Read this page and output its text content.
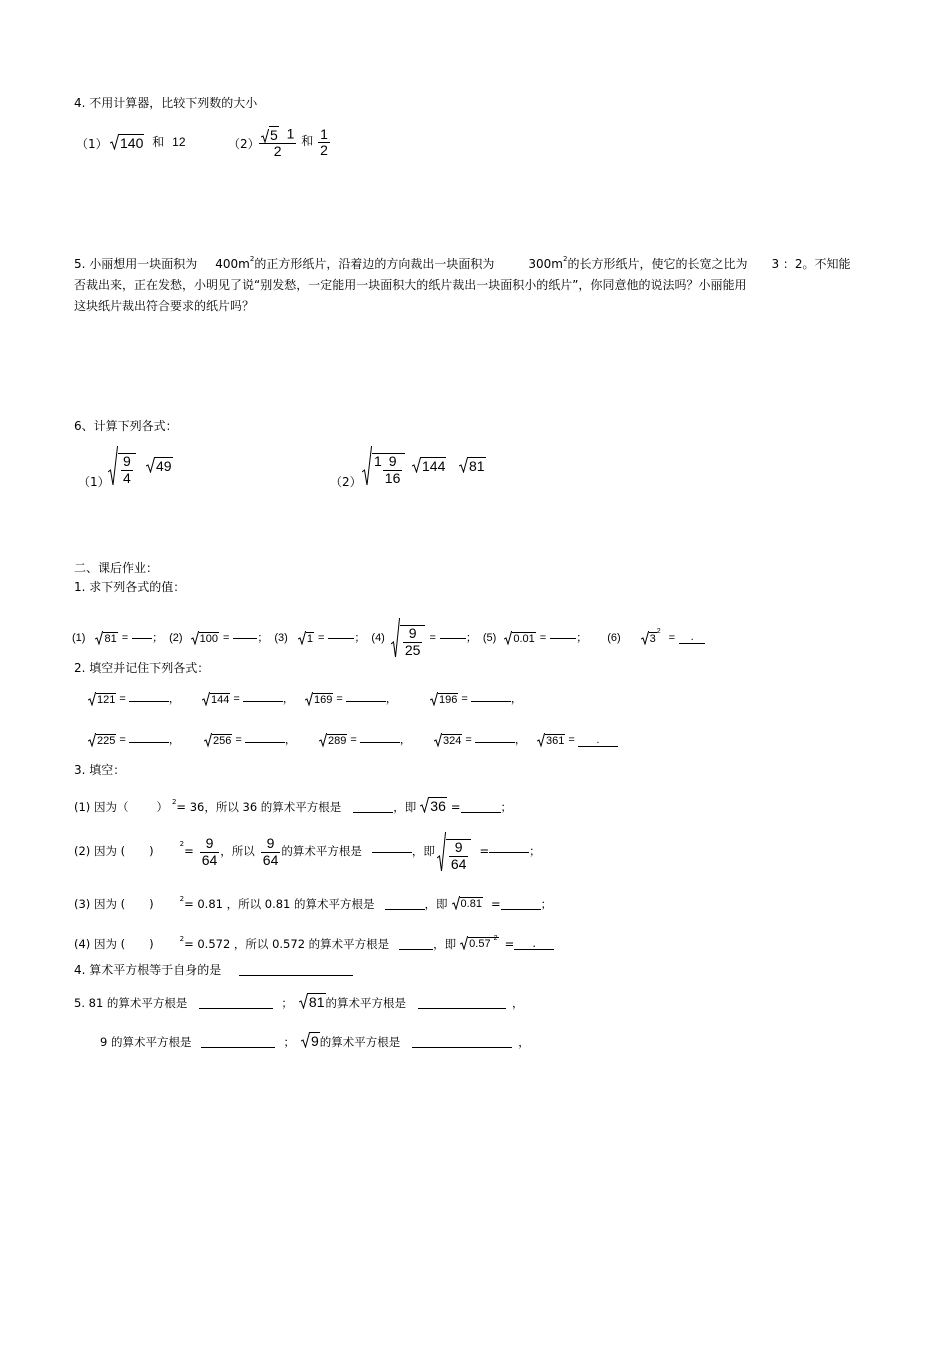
4. 不用计算器，比较下列数的大小
（1） 140 和 12	$(2) \frac{5 1}{2}$ 和 $\frac{1}{2}$
5. 小丽想用一块面积为 $400m^2$的正方形纸片，沿着边的方向裁出一块面积为	$300m^2$的长方形纸片，使它的长宽之比为 3 ：2。不知能
否裁出来，正在发愁，小明见了说“别发愁，一定能用一块面积大的纸片裁出一块面积小的纸片”，你同意他的说法吗？小丽能用
这块纸片裁出符合要求的纸片吗？
6、计算下列各式：
$(1) \frac{9}{4} 49$
（2）
$1 \frac{9}{16} 144$ 81
二、课后作业：
1. 求下列各式的值：
(1) 81 = ； (2) 100 =	； (3) 1 =	； $(4) \frac{9}{25}$ =	； (5) 0.01 =	； (6)	3
2
=	.
2. 填空并记住下列各式：
121 =	，	144 =	， 169 =	，	196 =	，
225 =	，	256 =	，	289 =	，	324 =	， 361 = .
3. 填空：
(1) 因为（ ） 2 = 36，所以 36 的算术平方根是	，即 36 =	；
(2) 因为 ( )
2
= $\frac{9}{64}$ ，所以 $\frac{9}{64}$ 的算术平方根是	，即 $\frac{9}{64}$ =	；
(3) 因为 ( )	2 = 0.81 ，所以 0.81 的算术平方根是	，即 0.81 =	；
(4) 因为 ( )	2 = 0.572 ，所以 0.572 的算术平方根是	，即 0.57 $^2$ =	.
4. 算术平方根等于自身的是
5. 81 的算术平方根是	； 81 的算术平方根是	，
9 的算术平方根是	； 9 的算术平方根是	，
